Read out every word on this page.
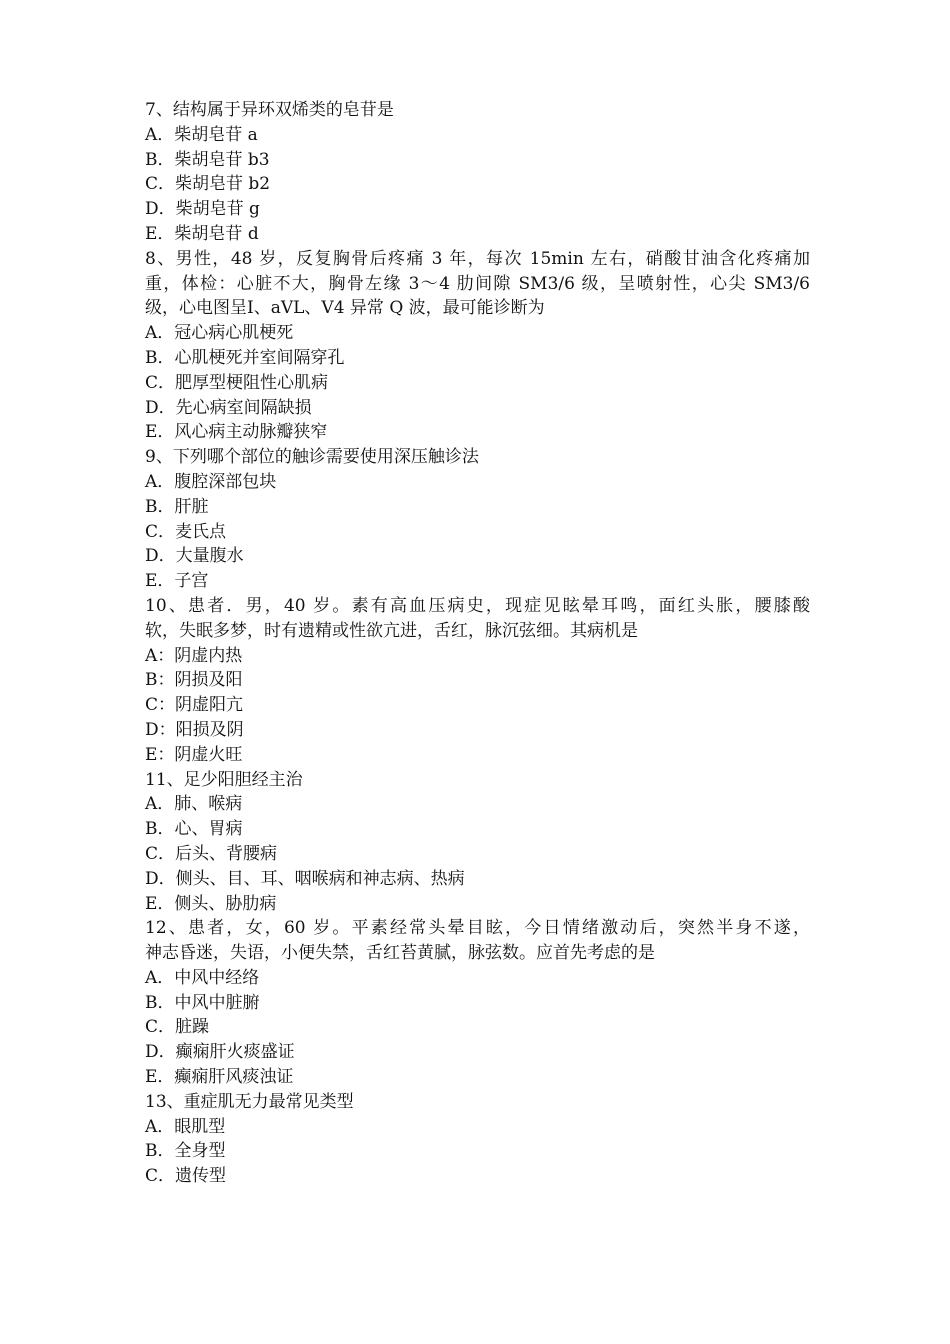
7、结构属于异环双烯类的皂苷是

A．柴胡皂苷 a

B．柴胡皂苷 b3

C．柴胡皂苷 b2

D．柴胡皂苷 g

E．柴胡皂苷 d

8、男性，48 岁，反复胸骨后疼痛 3 年，每次 15min 左右，硝酸甘油含化疼痛加

重，体检：心脏不大，胸骨左缘 3～4 肋间隙 SM3/6 级，呈喷射性，心尖 SM3/6

级，心电图呈Ⅰ、aVL、V4 异常 Q 波，最可能诊断为

A．冠心病心肌梗死

B．心肌梗死并室间隔穿孔

C．肥厚型梗阻性心肌病

D．先心病室间隔缺损

E．风心病主动脉瓣狭窄

9、下列哪个部位的触诊需要使用深压触诊法

A．腹腔深部包块

B．肝脏

C．麦氏点

D．大量腹水

E．子宫

10、患者．男，40 岁。素有高血压病史，现症见眩晕耳鸣，面红头胀，腰膝酸

软，失眠多梦，时有遗精或性欲亢进，舌红，脉沉弦细。其病机是

A：阴虚内热

B：阴损及阳

C：阴虚阳亢

D：阳损及阴

E：阴虚火旺

11、足少阳胆经主治

A．肺、喉病

B．心、胃病

C．后头、背腰病

D．侧头、目、耳、咽喉病和神志病、热病

E．侧头、胁肋病

12、患者，女，60 岁。平素经常头晕目眩，今日情绪激动后，突然半身不遂，

神志昏迷，失语，小便失禁，舌红苔黄腻，脉弦数。应首先考虑的是

A．中风中经络

B．中风中脏腑

C．脏躁

D．癫痫肝火痰盛证

E．癫痫肝风痰浊证

13、重症肌无力最常见类型

A．眼肌型

B．全身型

C．遗传型
